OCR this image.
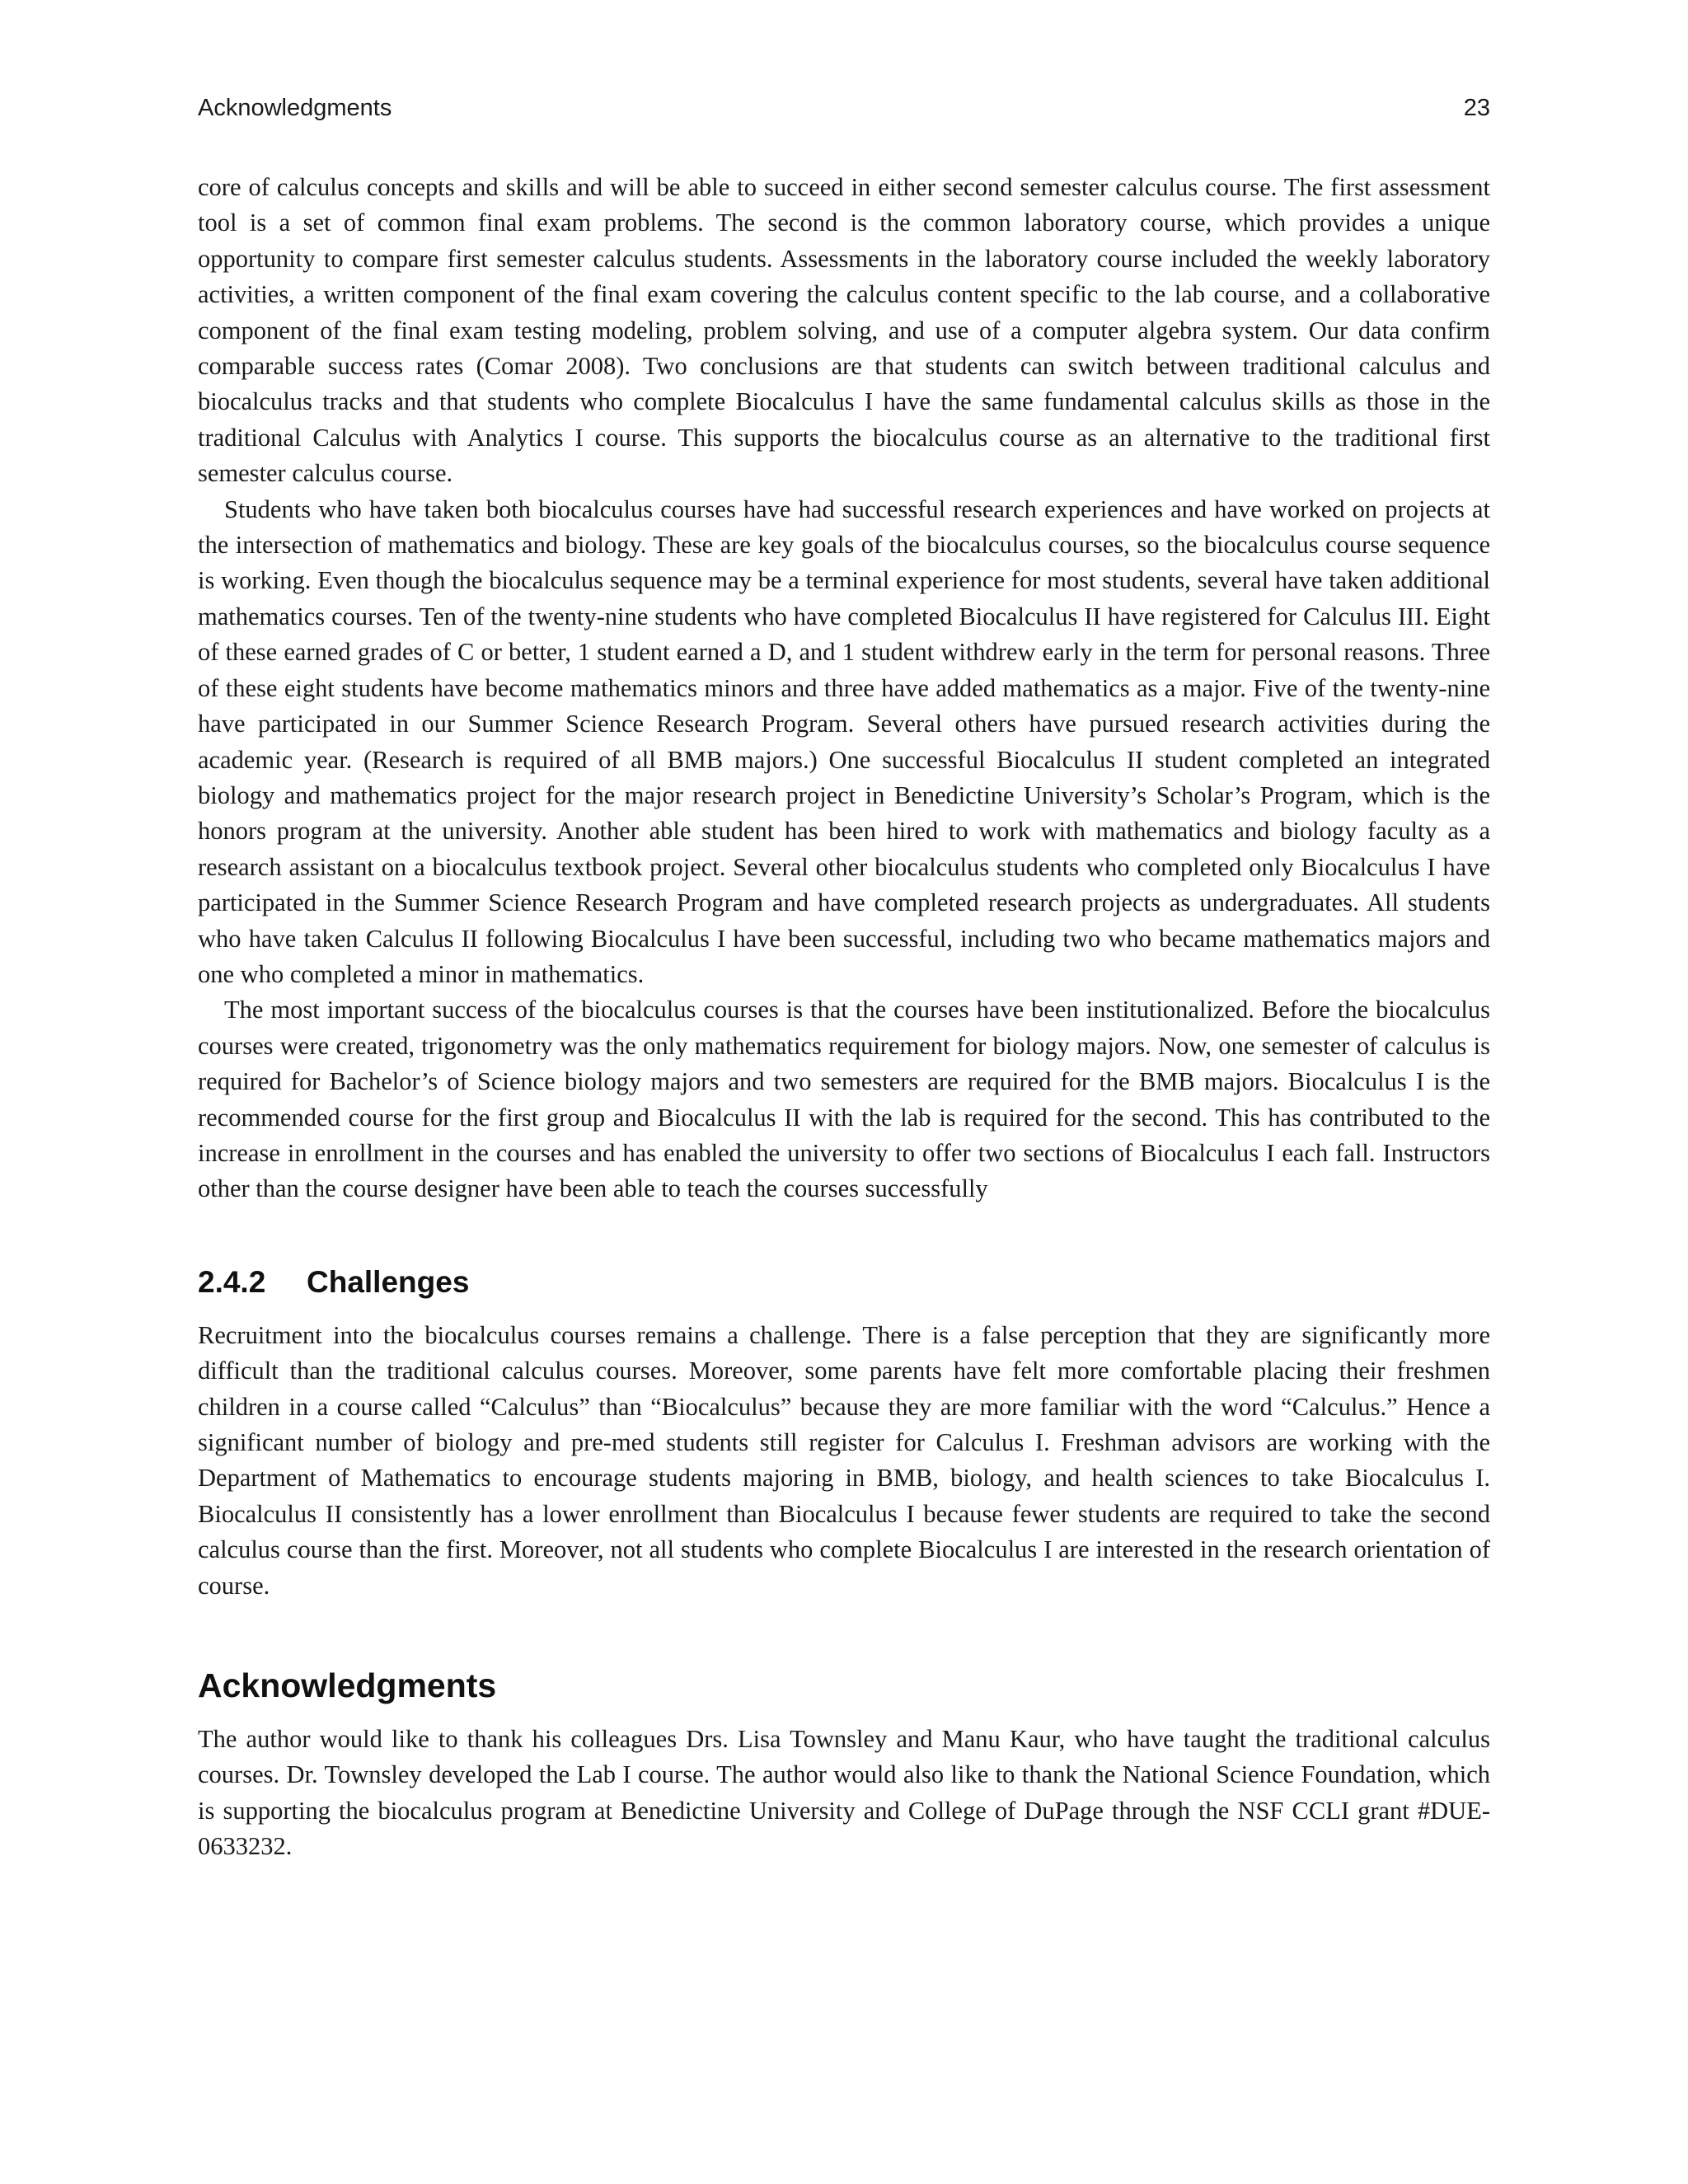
Acknowledgments	23

core of calculus concepts and skills and will be able to succeed in either second semester calculus course. The first assessment tool is a set of common final exam problems. The second is the common laboratory course, which provides a unique opportunity to compare first semester calculus students. Assessments in the laboratory course included the weekly laboratory activities, a written component of the final exam covering the calculus content specific to the lab course, and a collaborative component of the final exam testing modeling, problem solving, and use of a computer algebra system. Our data confirm comparable success rates (Comar 2008). Two conclusions are that students can switch between traditional calculus and biocalculus tracks and that students who complete Biocalculus I have the same fundamental calculus skills as those in the traditional Calculus with Analytics I course. This supports the biocalculus course as an alternative to the traditional first semester calculus course.

Students who have taken both biocalculus courses have had successful research experiences and have worked on projects at the intersection of mathematics and biology. These are key goals of the biocalculus courses, so the biocalculus course sequence is working. Even though the biocalculus sequence may be a terminal experience for most students, several have taken additional mathematics courses. Ten of the twenty-nine students who have completed Biocalculus II have registered for Calculus III. Eight of these earned grades of C or better, 1 student earned a D, and 1 student withdrew early in the term for personal reasons. Three of these eight students have become mathematics minors and three have added mathematics as a major. Five of the twenty-nine have participated in our Summer Science Research Program. Several others have pursued research activities during the academic year. (Research is required of all BMB majors.) One successful Biocalculus II student completed an integrated biology and mathematics project for the major research project in Benedictine University’s Scholar’s Program, which is the honors program at the university. Another able student has been hired to work with mathematics and biology faculty as a research assistant on a biocalculus textbook project. Several other biocalculus students who completed only Biocalculus I have participated in the Summer Science Research Program and have completed research projects as undergraduates. All students who have taken Calculus II following Biocalculus I have been successful, including two who became mathematics majors and one who completed a minor in mathematics.

The most important success of the biocalculus courses is that the courses have been institutionalized. Before the biocalculus courses were created, trigonometry was the only mathematics requirement for biology majors. Now, one semester of calculus is required for Bachelor’s of Science biology majors and two semesters are required for the BMB majors. Biocalculus I is the recommended course for the first group and Biocalculus II with the lab is required for the second. This has contributed to the increase in enrollment in the courses and has enabled the university to offer two sections of Biocalculus I each fall. Instructors other than the course designer have been able to teach the courses successfully

2.4.2 Challenges

Recruitment into the biocalculus courses remains a challenge. There is a false perception that they are significantly more difficult than the traditional calculus courses. Moreover, some parents have felt more comfortable placing their freshmen children in a course called “Calculus” than “Biocalculus” because they are more familiar with the word “Calculus.” Hence a significant number of biology and pre-med students still register for Calculus I. Freshman advisors are working with the Department of Mathematics to encourage students majoring in BMB, biology, and health sciences to take Biocalculus I. Biocalculus II consistently has a lower enrollment than Biocalculus I because fewer students are required to take the second calculus course than the first. Moreover, not all students who complete Biocalculus I are interested in the research orientation of course.

Acknowledgments

The author would like to thank his colleagues Drs. Lisa Townsley and Manu Kaur, who have taught the traditional calculus courses. Dr. Townsley developed the Lab I course. The author would also like to thank the National Science Foundation, which is supporting the biocalculus program at Benedictine University and College of DuPage through the NSF CCLI grant #DUE-0633232.
